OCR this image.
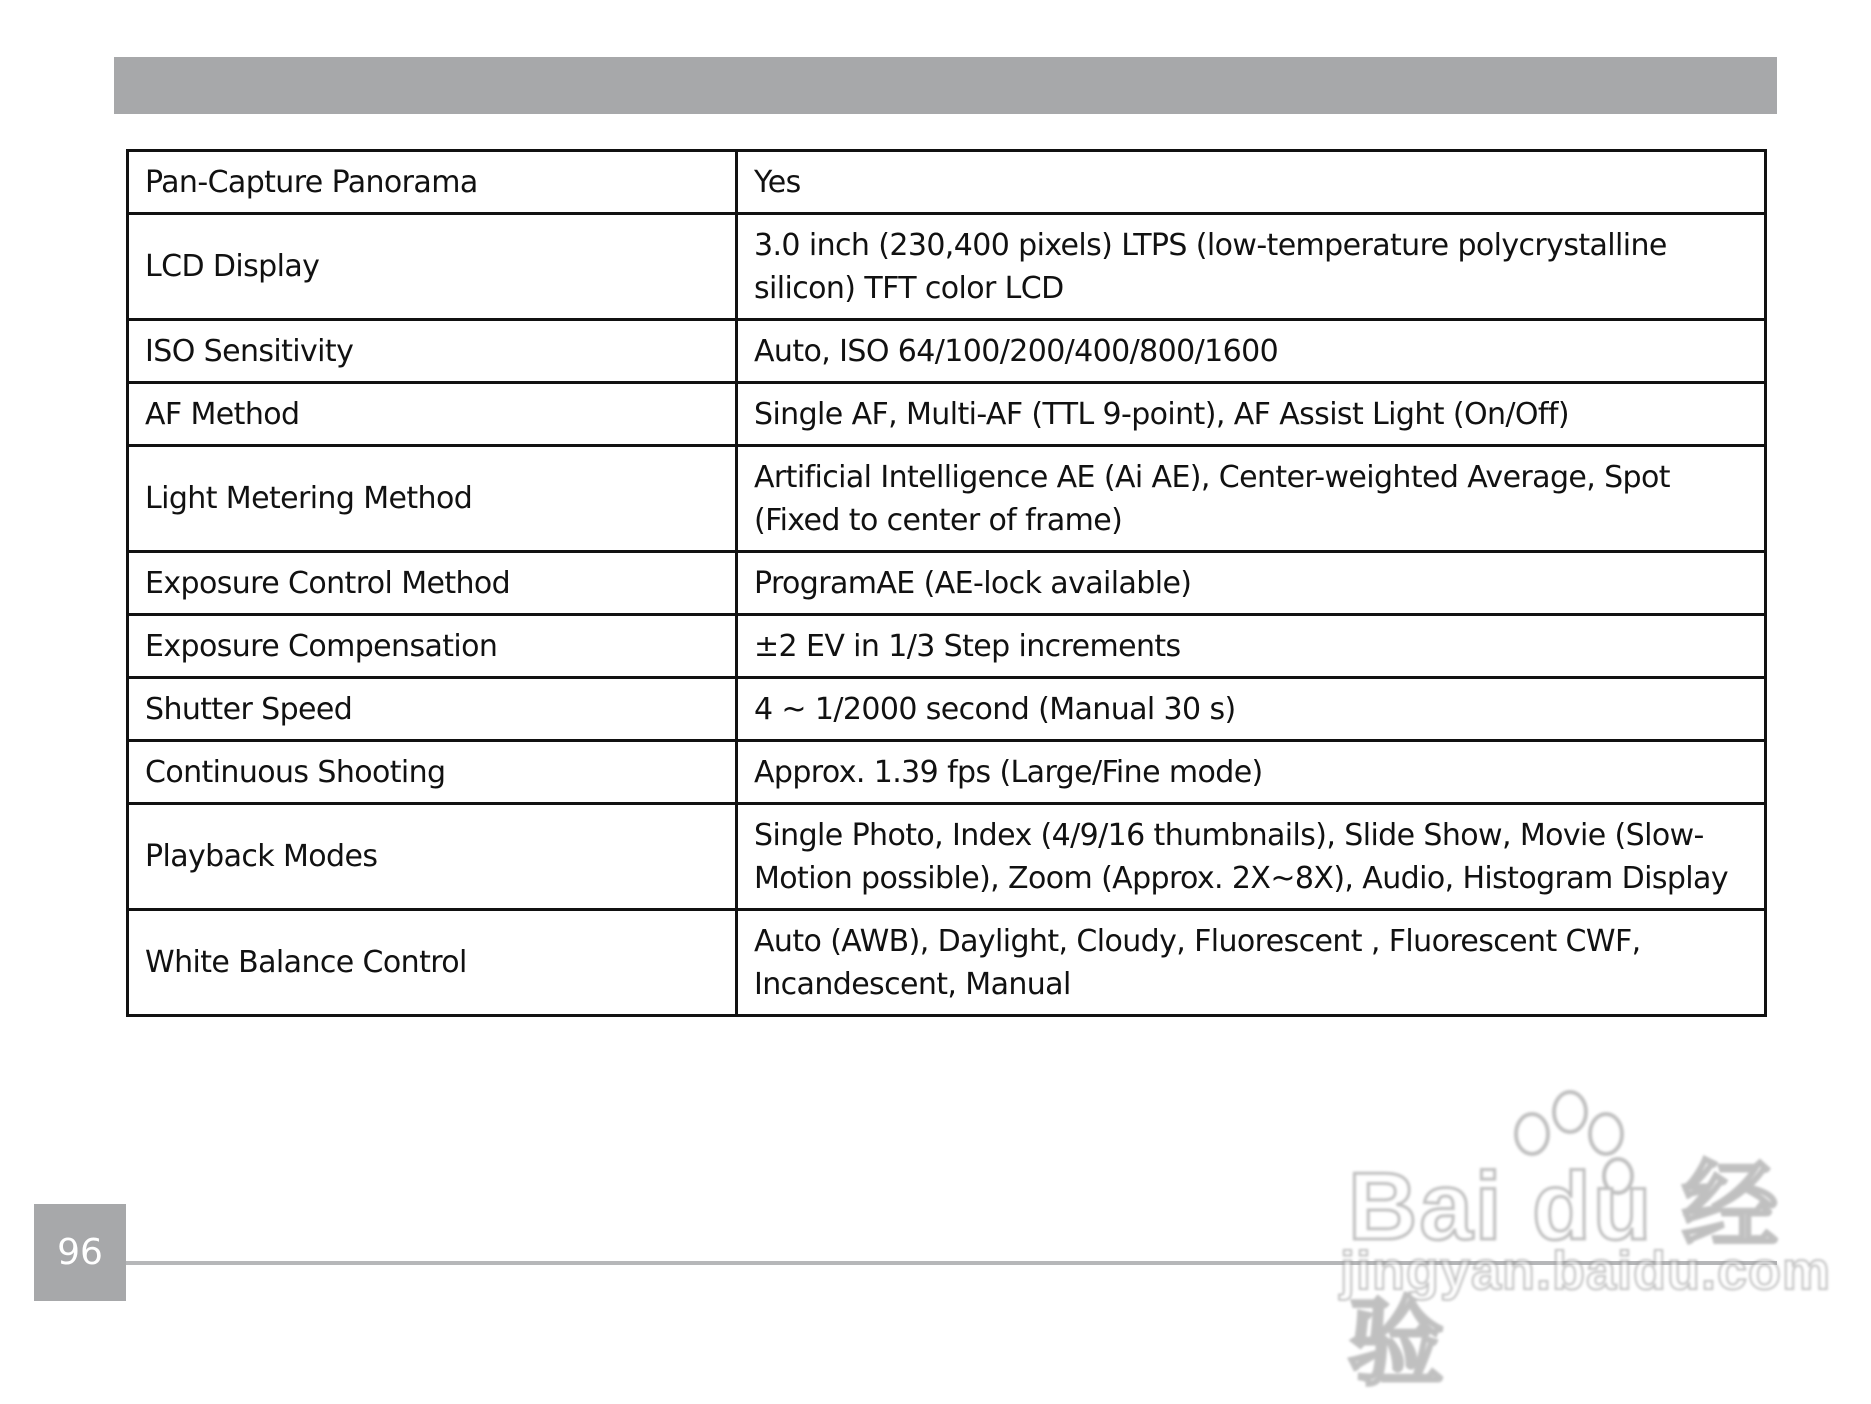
Pan-Capture Panorama	Yes
LCD Display	3.0 inch (230,400 pixels) LTPS (low-temperature polycrystalline silicon) TFT color LCD
ISO Sensitivity	Auto, ISO 64/100/200/400/800/1600
AF Method	Single AF, Multi-AF (TTL 9-point), AF Assist Light (On/Off)
Light Metering Method	Artificial Intelligence AE (Ai AE), Center-weighted Average, Spot (Fixed to center of frame)
Exposure Control Method	ProgramAE (AE-lock available)
Exposure Compensation	±2 EV in 1/3 Step increments
Shutter Speed	4 ~ 1/2000 second (Manual 30 s)
Continuous Shooting	Approx. 1.39 fps (Large/Fine mode)
Playback Modes	Single Photo, Index (4/9/16 thumbnails), Slide Show, Movie (Slow-Motion possible), Zoom (Approx. 2X~8X), Audio, Histogram Display
White Balance Control	Auto (AWB), Daylight, Cloudy, Fluorescent , Fluorescent CWF, Incandescent, Manual
96	Bai du 经验
jingyan.baidu.com
